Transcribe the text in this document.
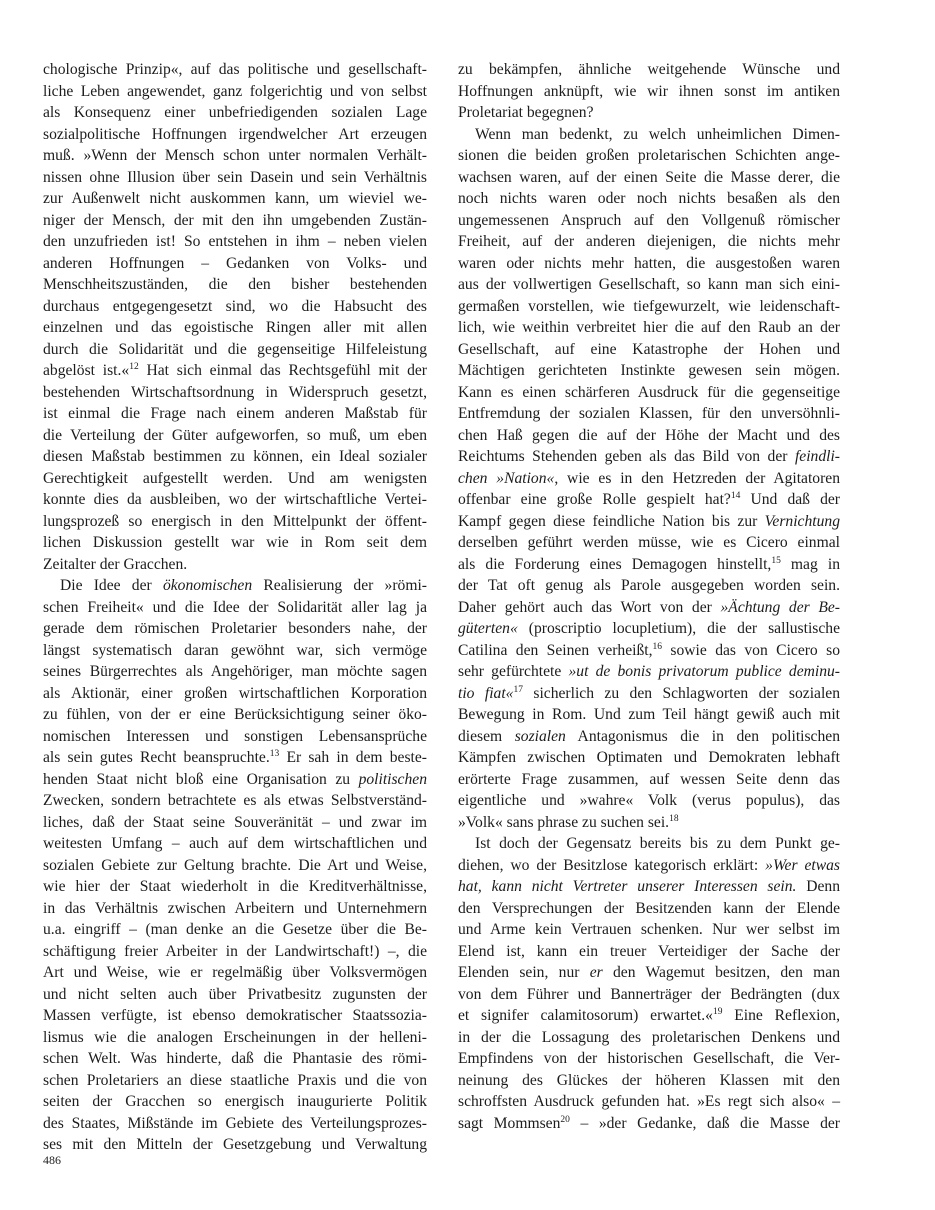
chologische Prinzip«, auf das politische und gesellschaft-
liche Leben angewendet, ganz folgerichtig und von selbst
als Konsequenz einer unbefriedigenden sozialen Lage
sozialpolitische Hoffnungen irgendwelcher Art erzeugen
muß. »Wenn der Mensch schon unter normalen Verhält-
nissen ohne Illusion über sein Dasein und sein Verhältnis
zur Außenwelt nicht auskommen kann, um wieviel we-
niger der Mensch, der mit den ihn umgebenden Zustän-
den unzufrieden ist! So entstehen in ihm – neben vielen
anderen Hoffnungen – Gedanken von Volks- und
Menschheitszuständen, die den bisher bestehenden
durchaus entgegengesetzt sind, wo die Habsucht des
einzelnen und das egoistische Ringen aller mit allen
durch die Solidarität und die gegenseitige Hilfeleistung
abgelöst ist.«$^{12}$ Hat sich einmal das Rechtsgefühl mit der
bestehenden Wirtschaftsordnung in Widerspruch gesetzt,
ist einmal die Frage nach einem anderen Maßstab für
die Verteilung der Güter aufgeworfen, so muß, um eben
diesen Maßstab bestimmen zu können, ein Ideal sozialer
Gerechtigkeit aufgestellt werden. Und am wenigsten
konnte dies da ausbleiben, wo der wirtschaftliche Vertei-
lungsprozeß so energisch in den Mittelpunkt der öffent-
lichen Diskussion gestellt war wie in Rom seit dem
Zeitalter der Gracchen.
Die Idee der ökonomischen Realisierung der »römi-
schen Freiheit« und die Idee der Solidarität aller lag ja
gerade dem römischen Proletarier besonders nahe, der
längst systematisch daran gewöhnt war, sich vermöge
seines Bürgerrechtes als Angehöriger, man möchte sagen
als Aktionär, einer großen wirtschaftlichen Korporation
zu fühlen, von der er eine Berücksichtigung seiner öko-
nomischen Interessen und sonstigen Lebensansprüche
als sein gutes Recht beanspruchte.$^{13}$ Er sah in dem beste-
henden Staat nicht bloß eine Organisation zu politischen
Zwecken, sondern betrachtete es als etwas Selbstverständ-
liches, daß der Staat seine Souveränität – und zwar im
weitesten Umfang – auch auf dem wirtschaftlichen und
sozialen Gebiete zur Geltung brachte. Die Art und Weise,
wie hier der Staat wiederholt in die Kreditverhältnisse,
in das Verhältnis zwischen Arbeitern und Unternehmern
u.a. eingriff – (man denke an die Gesetze über die Be-
schäftigung freier Arbeiter in der Landwirtschaft!) –, die
Art und Weise, wie er regelmäßig über Volksvermögen
und nicht selten auch über Privatbesitz zugunsten der
Massen verfügte, ist ebenso demokratischer Staatssozia-
lismus wie die analogen Erscheinungen in der helleni-
schen Welt. Was hinderte, daß die Phantasie des römi-
schen Proletariers an diese staatliche Praxis und die von
seiten der Gracchen so energisch inaugurierte Politik
des Staates, Mißstände im Gebiete des Verteilungsprozes-
ses mit den Mitteln der Gesetzgebung und Verwaltung
zu bekämpfen, ähnliche weitgehende Wünsche und
Hoffnungen anknüpft, wie wir ihnen sonst im antiken
Proletariat begegnen?
Wenn man bedenkt, zu welch unheimlichen Dimen-
sionen die beiden großen proletarischen Schichten ange-
wachsen waren, auf der einen Seite die Masse derer, die
noch nichts waren oder noch nichts besaßen als den
ungemessenen Anspruch auf den Vollgenuß römischer
Freiheit, auf der anderen diejenigen, die nichts mehr
waren oder nichts mehr hatten, die ausgestoßen waren
aus der vollwertigen Gesellschaft, so kann man sich eini-
germaßen vorstellen, wie tiefgewurzelt, wie leidenschaft-
lich, wie weithin verbreitet hier die auf den Raub an der
Gesellschaft, auf eine Katastrophe der Hohen und
Mächtigen gerichteten Instinkte gewesen sein mögen.
Kann es einen schärferen Ausdruck für die gegenseitige
Entfremdung der sozialen Klassen, für den unversöhnli-
chen Haß gegen die auf der Höhe der Macht und des
Reichtums Stehenden geben als das Bild von der feindli-
chen »Nation«, wie es in den Hetzreden der Agitatoren
offenbar eine große Rolle gespielt hat?$^{14}$ Und daß der
Kampf gegen diese feindliche Nation bis zur Vernichtung
derselben geführt werden müsse, wie es Cicero einmal
als die Forderung eines Demagogen hinstellt,$^{15}$ mag in
der Tat oft genug als Parole ausgegeben worden sein.
Daher gehört auch das Wort von der »Ächtung der Be-
güterten« (proscriptio locupletium), die der sallustische
Catilina den Seinen verheißt,$^{16}$ sowie das von Cicero so
sehr gefürchtete »ut de bonis privatorum publice deminu-
tio fiat«$^{17}$ sicherlich zu den Schlagworten der sozialen
Bewegung in Rom. Und zum Teil hängt gewiß auch mit
diesem sozialen Antagonismus die in den politischen
Kämpfen zwischen Optimaten und Demokraten lebhaft
erörterte Frage zusammen, auf wessen Seite denn das
eigentliche und »wahre« Volk (verus populus), das
»Volk« sans phrase zu suchen sei.$^{18}$
Ist doch der Gegensatz bereits bis zu dem Punkt ge-
diehen, wo der Besitzlose kategorisch erklärt: »Wer etwas
hat, kann nicht Vertreter unserer Interessen sein. Denn
den Versprechungen der Besitzenden kann der Elende
und Arme kein Vertrauen schenken. Nur wer selbst im
Elend ist, kann ein treuer Verteidiger der Sache der
Elenden sein, nur er den Wagemut besitzen, den man
von dem Führer und Bannerträger der Bedrängten (dux
et signifer calamitosorum) erwartet.«$^{19}$ Eine Reflexion,
in der die Lossagung des proletarischen Denkens und
Empfindens von der historischen Gesellschaft, die Ver-
neinung des Glückes der höheren Klassen mit den
schroffsten Ausdruck gefunden hat. »Es regt sich also« –
sagt Mommsen$^{20}$ – »der Gedanke, daß die Masse der
486
